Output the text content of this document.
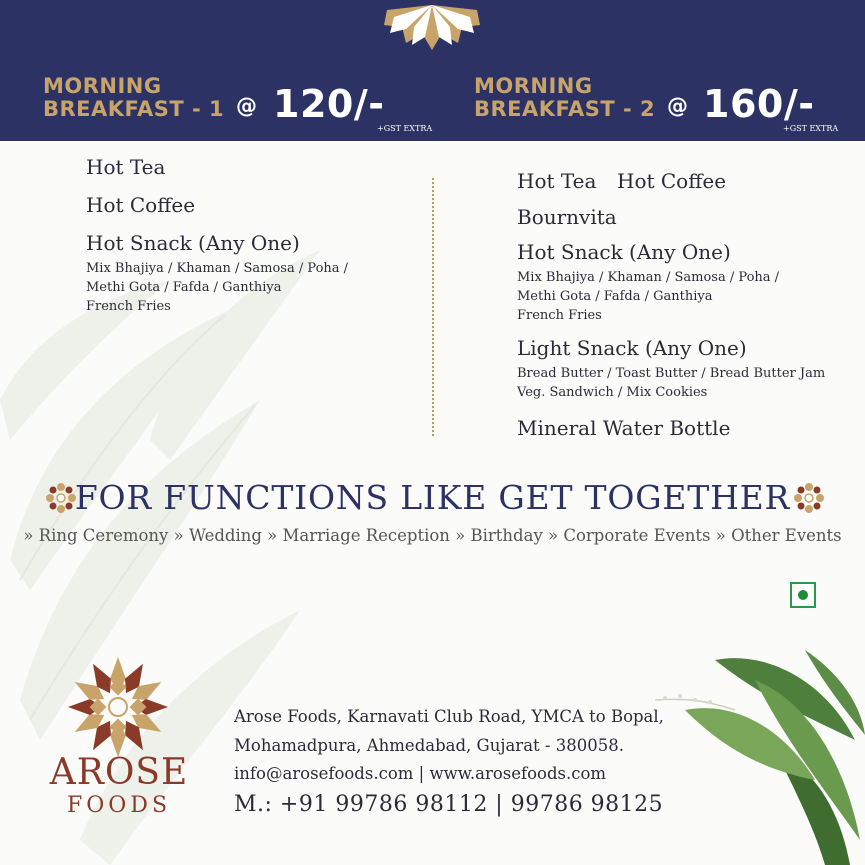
MORNING
BREAKFAST - 1 @ 120/-
+GST EXTRA
MORNING
BREAKFAST - 2 @ 160/-
+GST EXTRA
Hot Tea
Hot Coffee
Hot Snack (Any One)
Mix Bhajiya / Khaman / Samosa / Poha /
Methi Gota / Fafda / Ganthiya
French Fries
Hot Tea Hot Coffee
Bournvita
Hot Snack (Any One)
Mix Bhajiya / Khaman / Samosa / Poha /
Methi Gota / Fafda / Ganthiya
French Fries
Light Snack (Any One)
Bread Butter / Toast Butter / Bread Butter Jam
Veg. Sandwich / Mix Cookies
Mineral Water Bottle
FOR FUNCTIONS LIKE GET TOGETHER
» Ring Ceremony » Wedding » Marriage Reception » Birthday » Corporate Events » Other Events
AROSE
FOODS
Arose Foods, Karnavati Club Road, YMCA to Bopal,
Mohamadpura, Ahmedabad, Gujarat - 380058.
info@arosefoods.com | www.arosefoods.com
M.: +91 99786 98112 | 99786 98125
